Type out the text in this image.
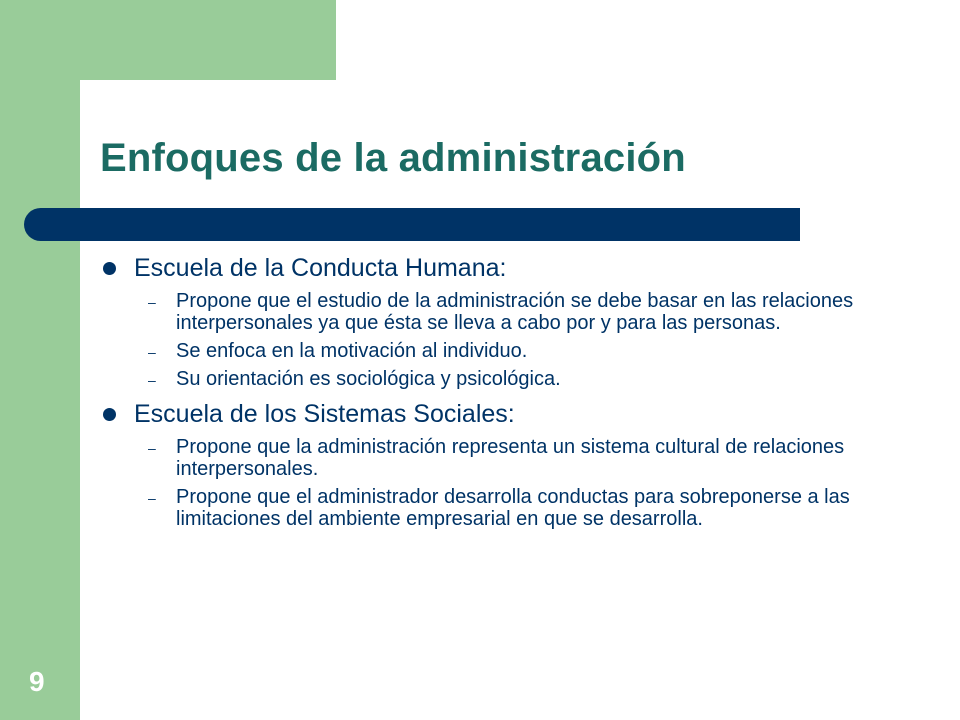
Enfoques de la administración
Escuela de la Conducta Humana:
– Propone que el estudio de la administración se debe basar en las relaciones interpersonales ya que ésta se lleva a cabo por y para las personas.
– Se enfoca en la motivación al individuo.
– Su orientación es sociológica y psicológica.
Escuela de los Sistemas Sociales:
– Propone que la administración representa un sistema cultural de relaciones interpersonales.
– Propone que el administrador desarrolla conductas para sobreponerse a las limitaciones del ambiente empresarial en que se desarrolla.
9
